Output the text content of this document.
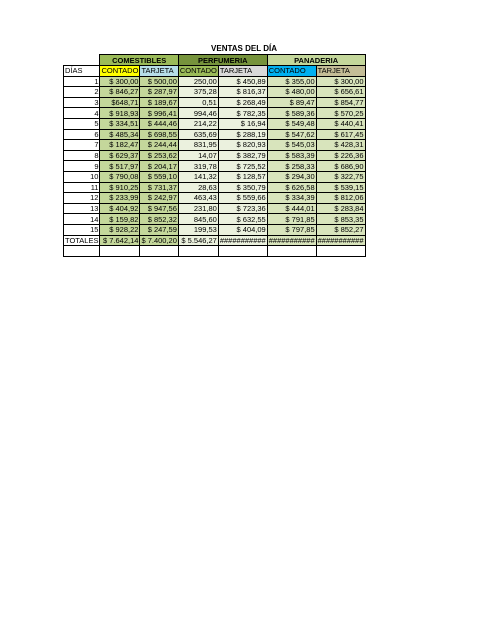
VENTAS DEL DÍA
	COMESTIBLES		PERFUMERIA		PANADERIA	
DÍAS	CONTADO	TARJETA	CONTADO	TARJETA	CONTADO	TARJETA
1	$ 300,00	$ 500,00	250,00	$ 450,89	$ 355,00	$ 300,00
2	$ 846,27	$ 287,97	375,28	$ 816,37	$ 480,00	$ 656,61
3	$648,71	$ 189,67	0,51	$ 268,49	$ 89,47	$ 854,77
4	$ 918,93	$ 996,41	994,46	$ 782,35	$ 589,36	$ 570,25
5	$ 334,51	$ 444,46	214,22	$ 16,94	$ 549,48	$ 440,41
6	$ 485,34	$ 698,55	635,69	$ 288,19	$ 547,62	$ 617,45
7	$ 182,47	$ 244,44	831,95	$ 820,93	$ 545,03	$ 428,31
8	$ 629,37	$ 253,62	14,07	$ 382,79	$ 583,39	$ 226,36
9	$ 517,97	$ 204,17	319,78	$ 725,52	$ 258,33	$ 686,90
10	$ 790,08	$ 559,10	141,32	$ 128,57	$ 294,30	$ 322,75
11	$ 910,25	$ 731,37	28,63	$ 350,79	$ 626,58	$ 539,15
12	$ 233,99	$ 242,97	463,43	$ 559,66	$ 334,39	$ 812,06
13	$ 404,92	$ 947,56	231,80	$ 723,36	$ 444,01	$ 283,84
14	$ 159,82	$ 852,32	845,60	$ 632,55	$ 791,85	$ 853,35
15	$ 928,22	$ 247,59	199,53	$ 404,09	$ 797,85	$ 852,27
TOTALES	$ 7.642,14	$ 7.400,20	$ 5.546,27	###########	###########	###########
